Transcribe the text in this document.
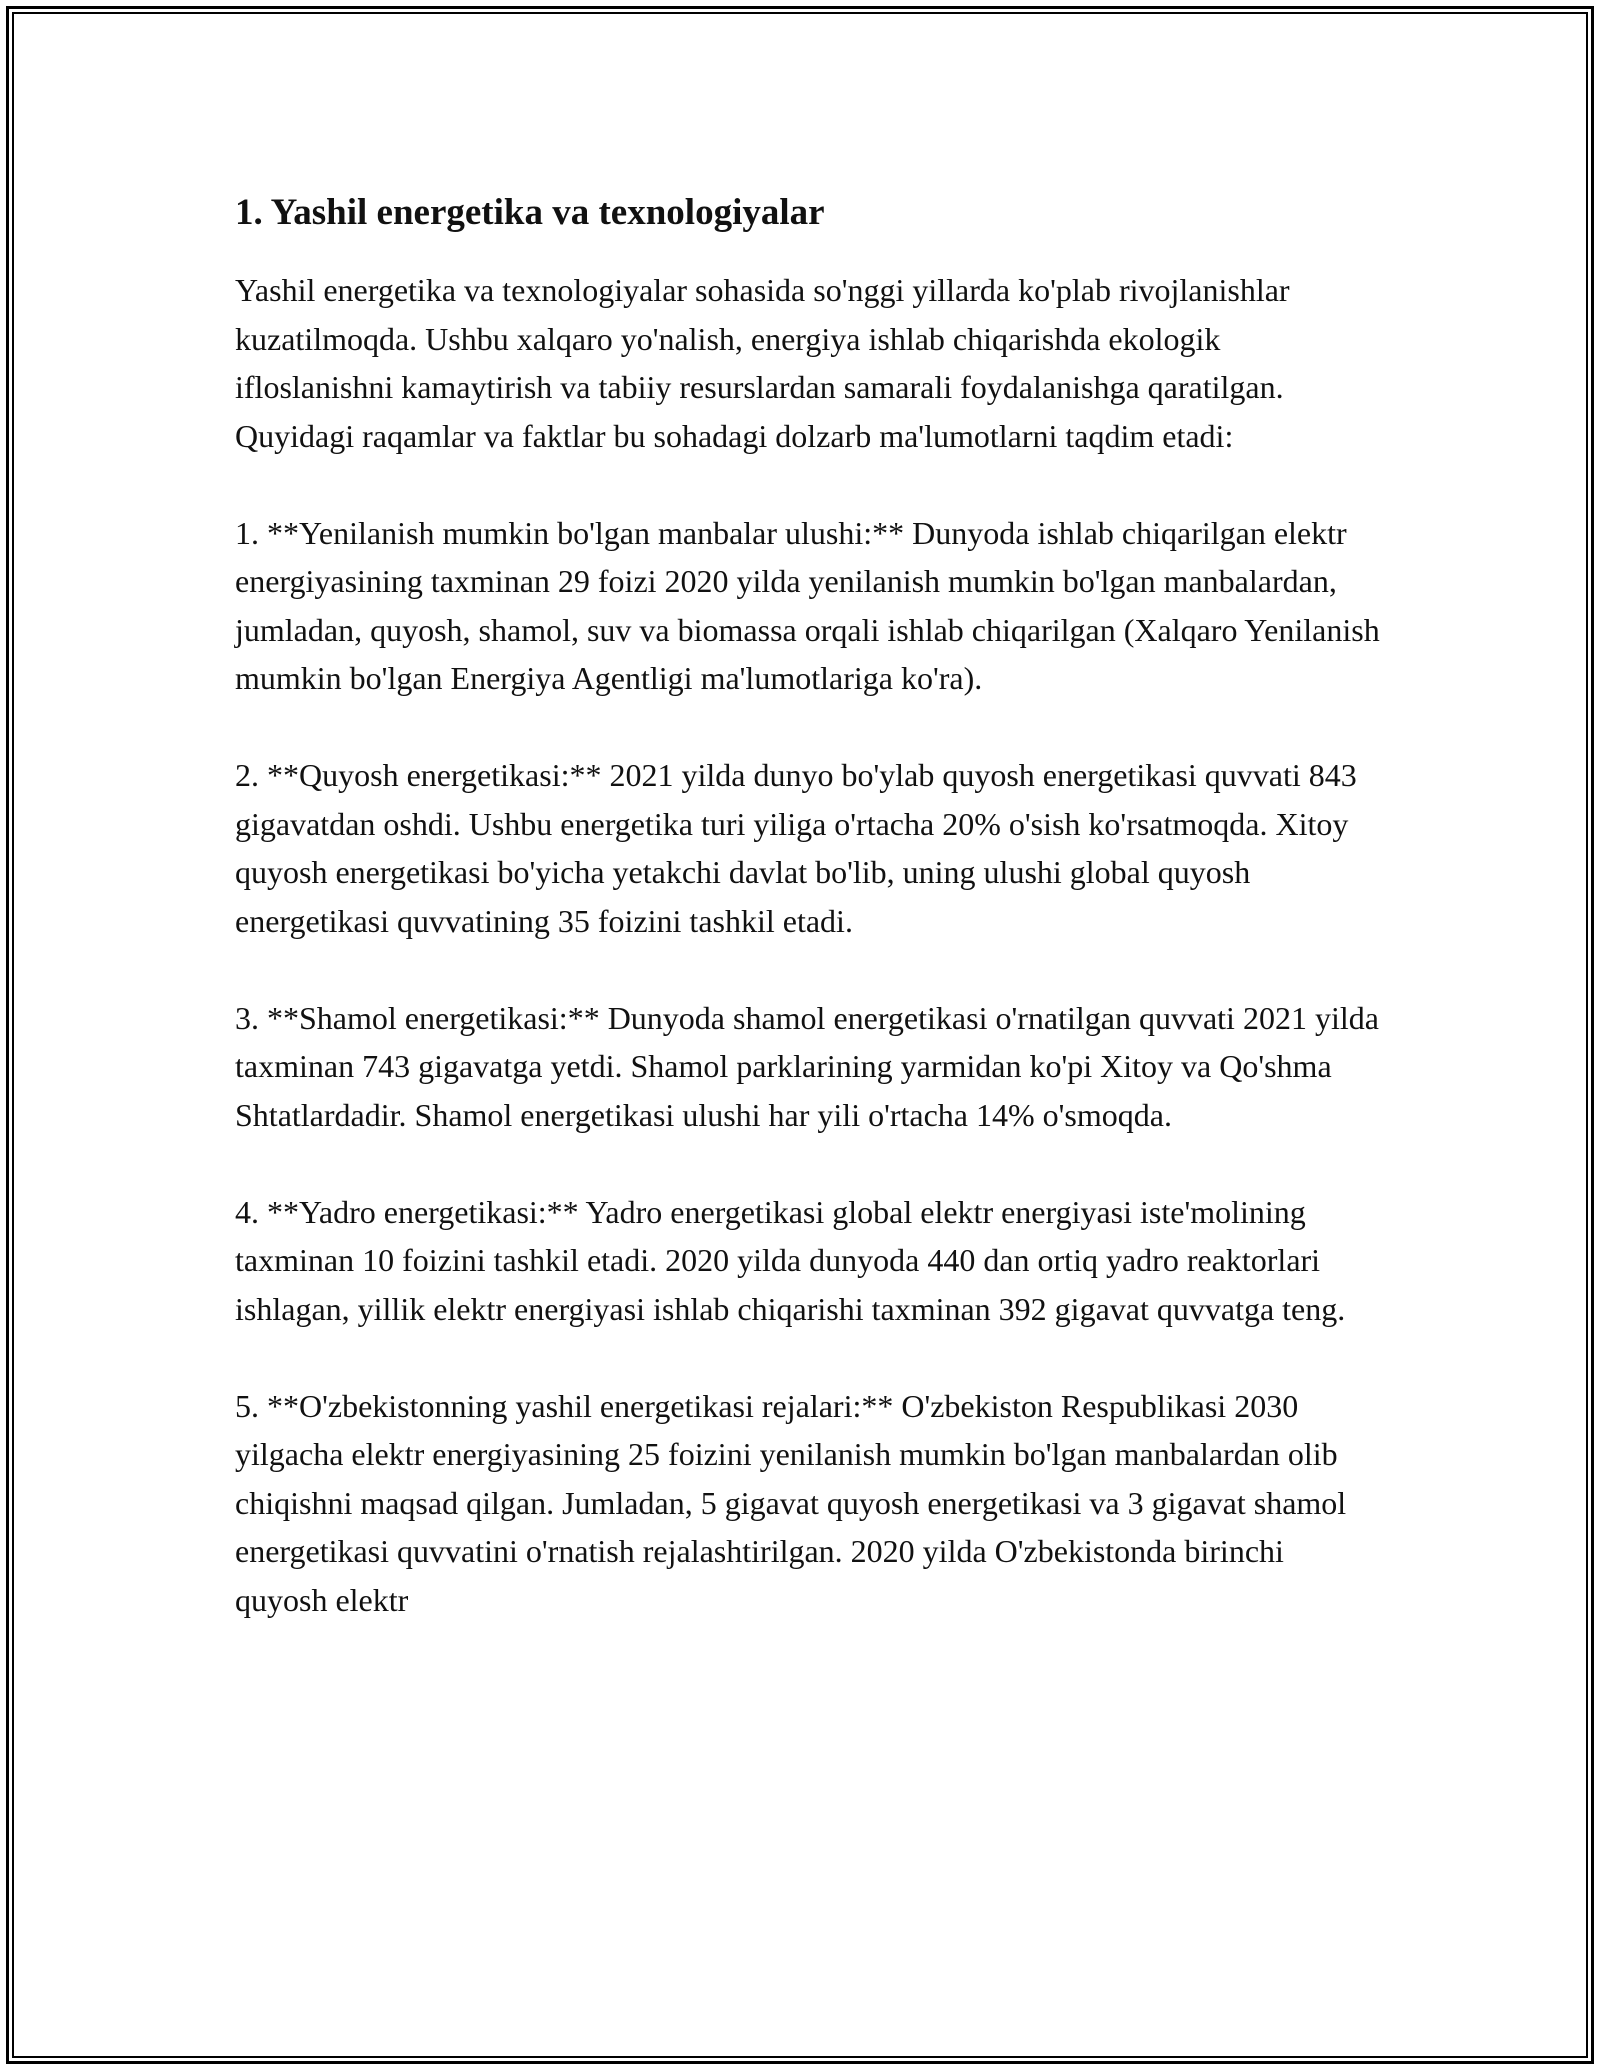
1. Yashil energetika va texnologiyalar

Yashil energetika va texnologiyalar sohasida so'nggi yillarda ko'plab rivojlanishlar kuzatilmoqda. Ushbu xalqaro yo'nalish, energiya ishlab chiqarishda ekologik ifloslanishni kamaytirish va tabiiy resurslardan samarali foydalanishga qaratilgan. Quyidagi raqamlar va faktlar bu sohadagi dolzarb ma'lumotlarni taqdim etadi:

1. **Yenilanish mumkin bo'lgan manbalar ulushi:** Dunyoda ishlab chiqarilgan elektr energiyasining taxminan 29 foizi 2020 yilda yenilanish mumkin bo'lgan manbalardan, jumladan, quyosh, shamol, suv va biomassa orqali ishlab chiqarilgan (Xalqaro Yenilanish mumkin bo'lgan Energiya Agentligi ma'lumotlariga ko'ra).

2. **Quyosh energetikasi:** 2021 yilda dunyo bo'ylab quyosh energetikasi quvvati 843 gigavatdan oshdi. Ushbu energetika turi yiliga o'rtacha 20% o'sish ko'rsatmoqda. Xitoy quyosh energetikasi bo'yicha yetakchi davlat bo'lib, uning ulushi global quyosh energetikasi quvvatining 35 foizini tashkil etadi.

3. **Shamol energetikasi:** Dunyoda shamol energetikasi o'rnatilgan quvvati 2021 yilda taxminan 743 gigavatga yetdi. Shamol parklarining yarmidan ko'pi Xitoy va Qo'shma Shtatlardadir. Shamol energetikasi ulushi har yili o'rtacha 14% o'smoqda.

4. **Yadro energetikasi:** Yadro energetikasi global elektr energiyasi iste'molining taxminan 10 foizini tashkil etadi. 2020 yilda dunyoda 440 dan ortiq yadro reaktorlari ishlagan, yillik elektr energiyasi ishlab chiqarishi taxminan 392 gigavat quvvatga teng.

5. **O'zbekistonning yashil energetikasi rejalari:** O'zbekiston Respublikasi 2030 yilgacha elektr energiyasining 25 foizini yenilanish mumkin bo'lgan manbalardan olib chiqishni maqsad qilgan. Jumladan, 5 gigavat quyosh energetikasi va 3 gigavat shamol energetikasi quvvatini o'rnatish rejalashtirilgan. 2020 yilda O'zbekistonda birinchi quyosh elektr
